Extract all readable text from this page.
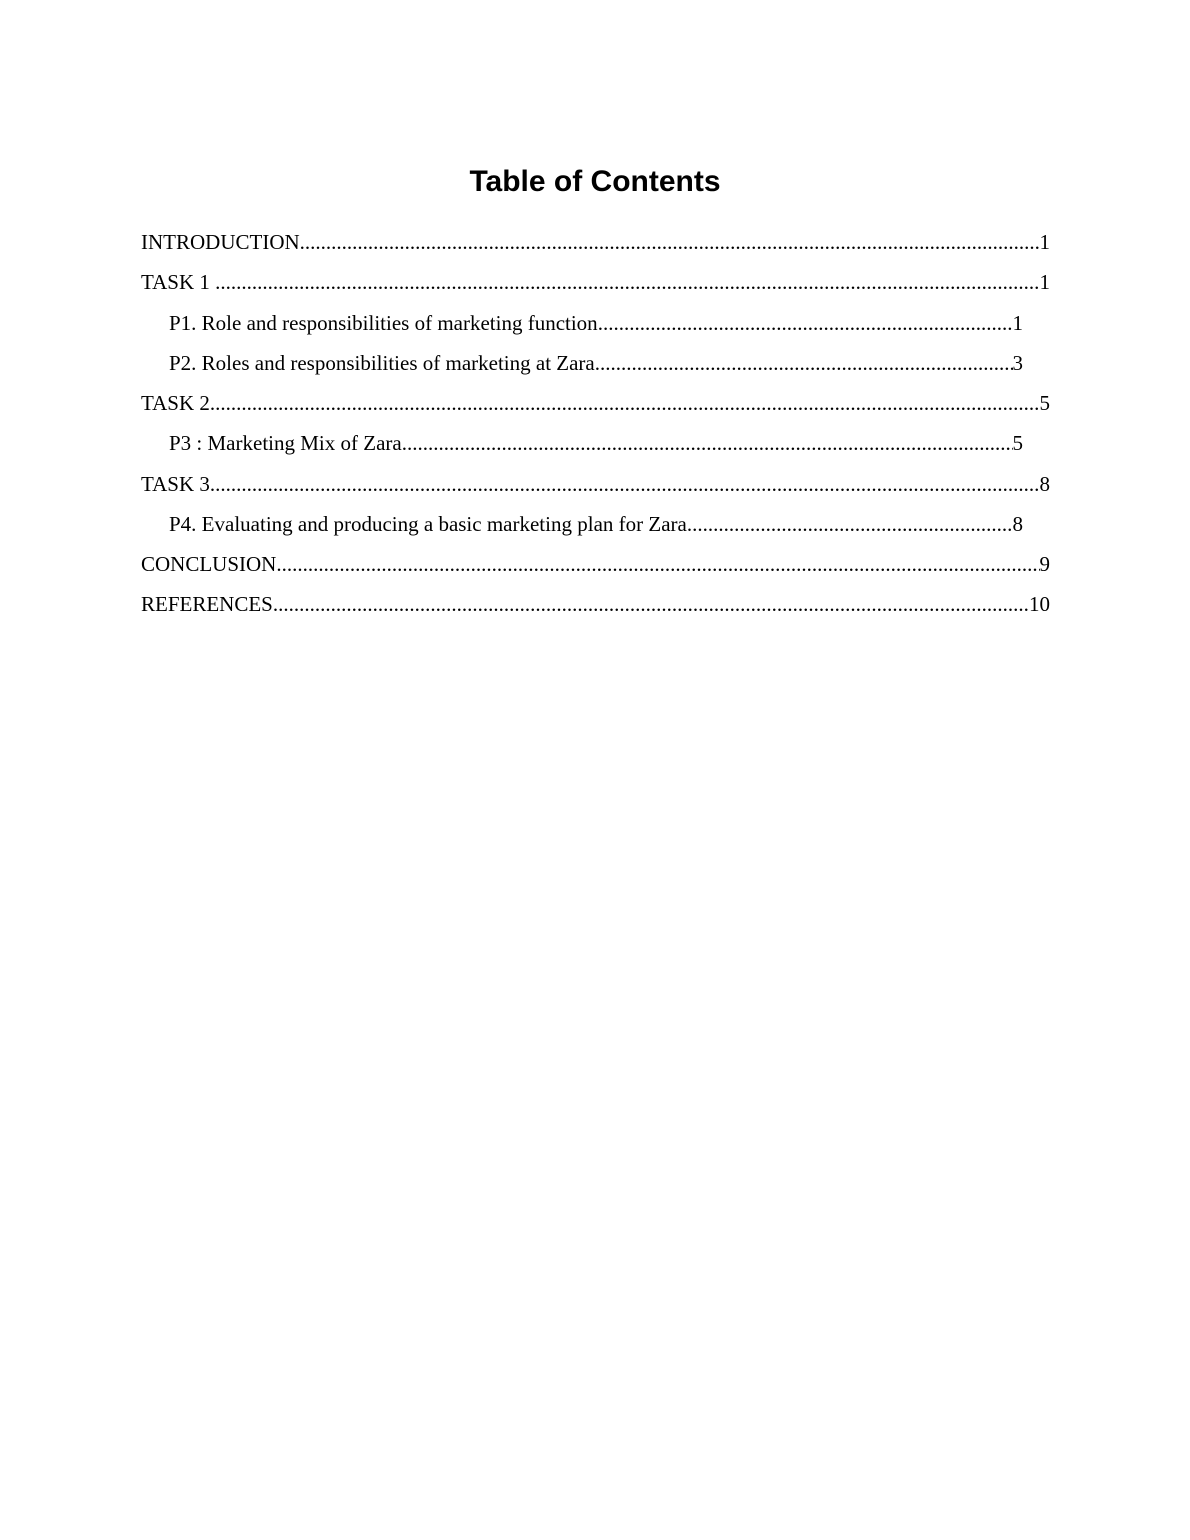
Table of Contents
INTRODUCTION .....	1
TASK 1 .....	1
P1. Role and responsibilities of marketing function .....	1
P2. Roles and responsibilities of marketing at Zara .....	3
TASK 2 .....	5
P3 : Marketing Mix of Zara .....	5
TASK 3 .....	8
P4. Evaluating and producing a basic marketing plan for Zara .....	8
CONCLUSION .....	9
REFERENCES .....	10
